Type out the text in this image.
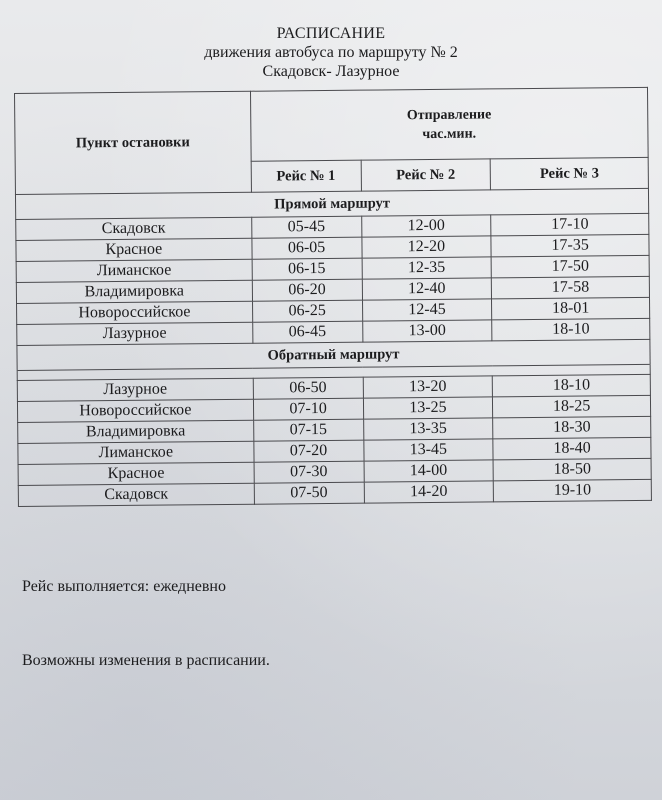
РАСПИСАНИЕ
движения автобуса по маршруту № 2
Скадовск- Лазурное
Пункт остановки	Отправление
час.мин.		

	Рейс № 1	Рейс № 2	Рейс № 3
Прямой маршрут			
Скадовск	05-45	12-00	17-10
Красное	06-05	12-20	17-35
Лиманское	06-15	12-35	17-50
Владимировка	06-20	12-40	17-58
Новороссийское	06-25	12-45	18-01
Лазурное	06-45	13-00	18-10
Обратный маршрут			

Лазурное	06-50	13-20	18-10
Новороссийское	07-10	13-25	18-25
Владимировка	07-15	13-35	18-30
Лиманское	07-20	13-45	18-40
Красное	07-30	14-00	18-50
Скадовск	07-50	14-20	19-10
Рейс выполняется: ежедневно
Возможны изменения в расписании.
